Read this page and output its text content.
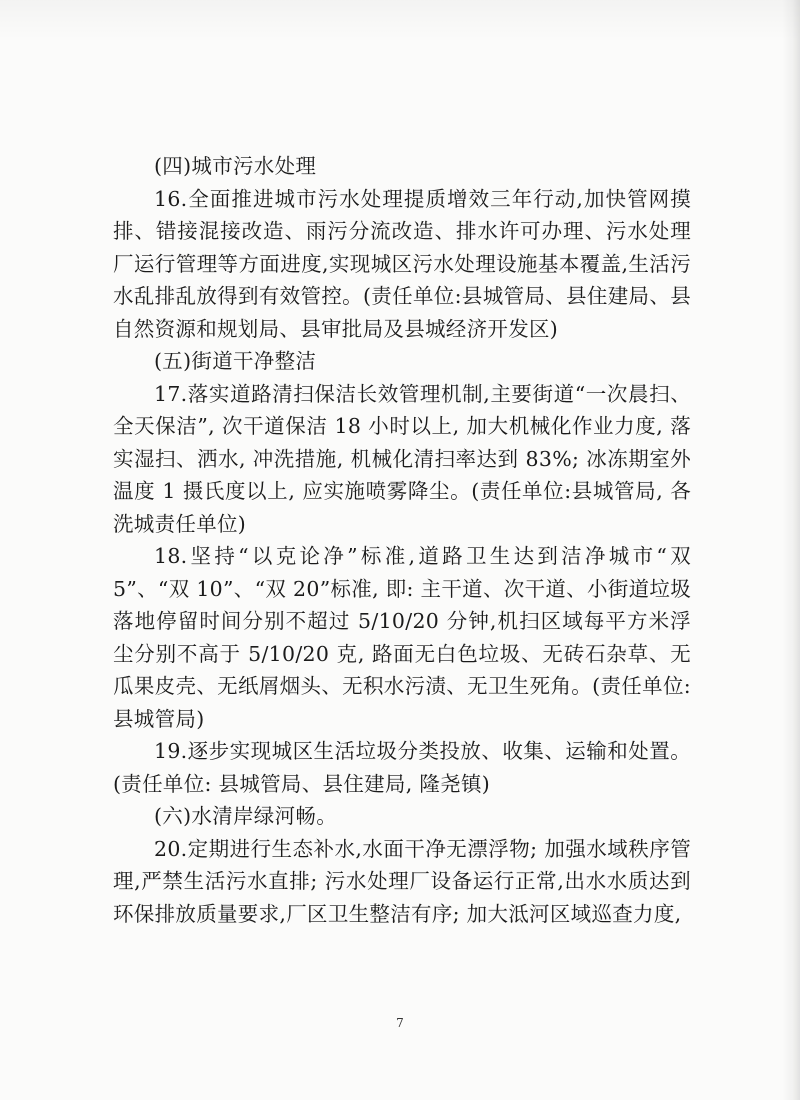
(四)城市污水处理

16.全面推进城市污水处理提质增效三年行动,加快管网摸排、错接混接改造、雨污分流改造、排水许可办理、污水处理厂运行管理等方面进度,实现城区污水处理设施基本覆盖,生活污水乱排乱放得到有效管控。(责任单位:县城管局、县住建局、县自然资源和规划局、县审批局及县城经济开发区)

(五)街道干净整洁

17.落实道路清扫保洁长效管理机制,主要街道“一次晨扫、全天保洁”, 次干道保洁 18 小时以上, 加大机械化作业力度, 落实湿扫、洒水, 冲洗措施, 机械化清扫率达到 83%; 冰冻期室外温度 1 摄氏度以上, 应实施喷雾降尘。(责任单位:县城管局, 各洗城责任单位)

18.坚持“以克论净”标准,道路卫生达到洁净城市“双 5”、“双 10”、“双 20”标准, 即: 主干道、次干道、小街道垃圾落地停留时间分别不超过 5/10/20 分钟,机扫区域每平方米浮尘分别不高于 5/10/20 克, 路面无白色垃圾、无砖石杂草、无瓜果皮壳、无纸屑烟头、无积水污渍、无卫生死角。(责任单位:县城管局)

19.逐步实现城区生活垃圾分类投放、收集、运输和处置。(责任单位: 县城管局、县住建局, 隆尧镇)

(六)水清岸绿河畅。

20.定期进行生态补水,水面干净无漂浮物; 加强水域秩序管理,严禁生活污水直排; 污水处理厂设备运行正常,出水水质达到环保排放质量要求,厂区卫生整洁有序; 加大泜河区域巡查力度,

7
